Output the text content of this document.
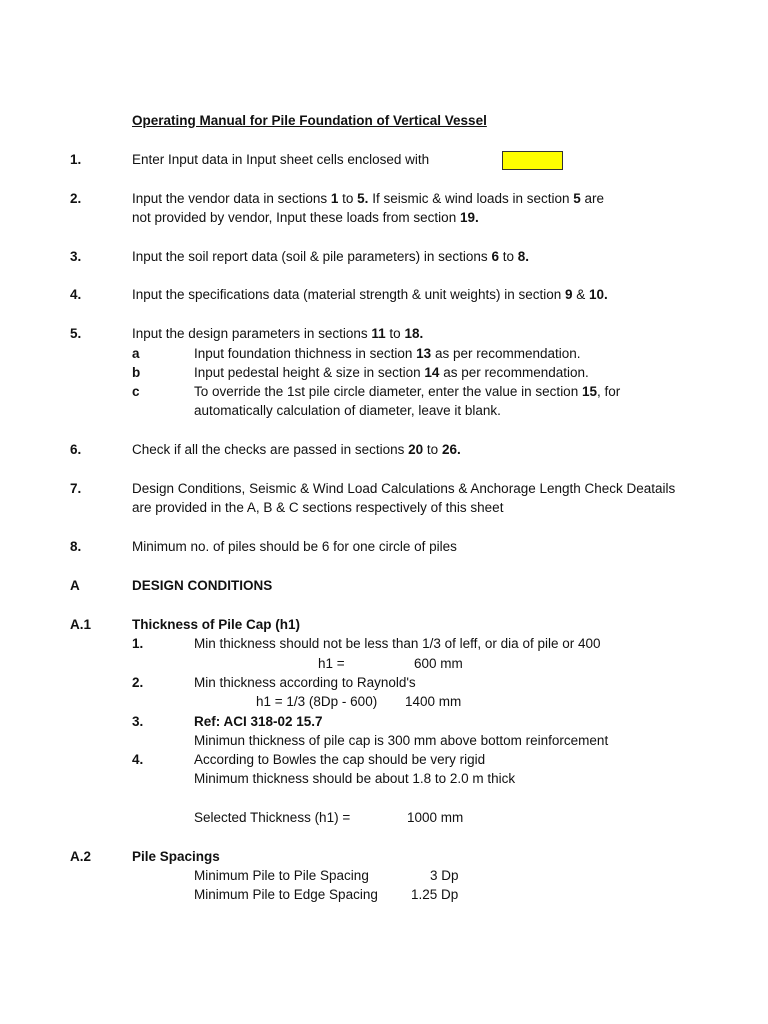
Operating Manual for Pile Foundation of Vertical Vessel
1.	Enter Input data in Input sheet cells enclosed with
2.	Input the vendor data in sections 1 to 5. If seismic & wind loads in section 5 are
not provided by vendor, Input these loads from section 19.
3.	Input the soil report data (soil & pile parameters) in sections 6 to 8.
4.	Input the specifications data (material strength & unit weights) in section 9 & 10.
5.	Input the design parameters in sections 11 to 18.
a	Input foundation thichness in section 13 as per recommendation.
b	Input pedestal height & size in section 14 as per recommendation.
c	To override the 1st pile circle diameter, enter the value in section 15, for
automatically calculation of diameter, leave it blank.
6.	Check if all the checks are passed in sections 20 to 26.
7.	Design Conditions, Seismic & Wind Load Calculations & Anchorage Length Check Deatails
are provided in the A, B & C sections respectively of this sheet
8.	Minimum no. of piles should be 6 for one circle of piles
A	DESIGN CONDITIONS
A.1	Thickness of Pile Cap (h1)
1.	Min thickness should not be less than 1/3 of leff, or dia of pile or 400
h1 =	600 mm
2.	Min thickness according to Raynold's
h1 = 1/3 (8Dp - 600) 1400 mm
3.	Ref: ACI 318-02 15.7
Minimun thickness of pile cap is 300 mm above bottom reinforcement
4.	According to Bowles the cap should be very rigid
Minimum thickness should be about 1.8 to 2.0 m thick
Selected Thickness (h1) =	1000 mm
A.2	Pile Spacings
Minimum Pile to Pile Spacing	3 Dp
Minimum Pile to Edge Spacing 1.25 Dp
